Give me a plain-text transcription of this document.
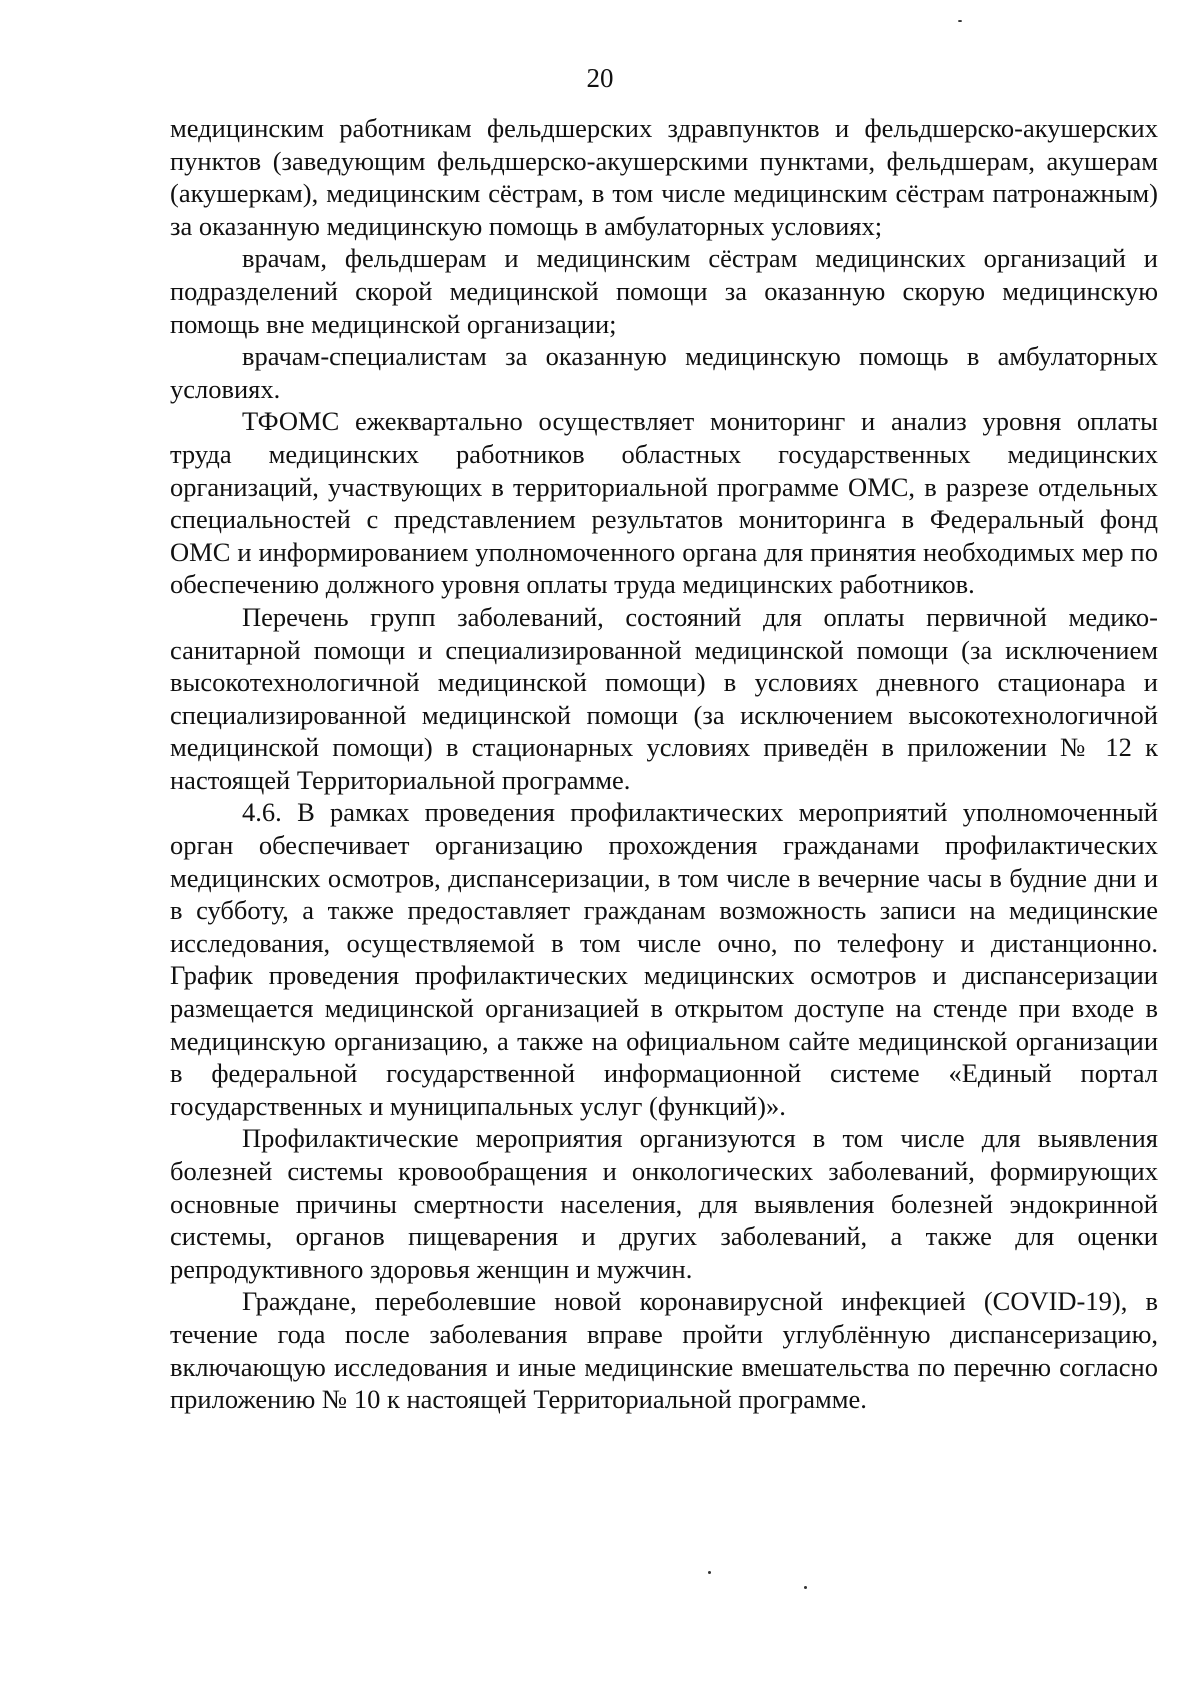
20

медицинским работникам фельдшерских здравпунктов и фельдшерско-акушерских пунктов (заведующим фельдшерско-акушерскими пунктами, фельдшерам, акушерам (акушеркам), медицинским сёстрам, в том числе медицинским сёстрам патронажным) за оказанную медицинскую помощь в амбулаторных условиях;

врачам, фельдшерам и медицинским сёстрам медицинских организаций и подразделений скорой медицинской помощи за оказанную скорую медицинскую помощь вне медицинской организации;

врачам-специалистам за оказанную медицинскую помощь в амбулаторных условиях.

ТФОМС ежеквартально осуществляет мониторинг и анализ уровня оплаты труда медицинских работников областных государственных медицинских организаций, участвующих в территориальной программе ОМС, в разрезе отдельных специальностей с представлением результатов мониторинга в Федеральный фонд ОМС и информированием уполномоченного органа для принятия необходимых мер по обеспечению должного уровня оплаты труда медицинских работников.

Перечень групп заболеваний, состояний для оплаты первичной медико-санитарной помощи и специализированной медицинской помощи (за исключением высокотехнологичной медицинской помощи) в условиях дневного стационара и специализированной медицинской помощи (за исключением высокотехнологичной медицинской помощи) в стационарных условиях приведён в приложении № 12 к настоящей Территориальной программе.

4.6. В рамках проведения профилактических мероприятий уполномоченный орган обеспечивает организацию прохождения гражданами профилактических медицинских осмотров, диспансеризации, в том числе в вечерние часы в будние дни и в субботу, а также предоставляет гражданам возможность записи на медицинские исследования, осуществляемой в том числе очно, по телефону и дистанционно. График проведения профилактических медицинских осмотров и диспансеризации размещается медицинской организацией в открытом доступе на стенде при входе в медицинскую организацию, а также на официальном сайте медицинской организации в федеральной государственной информационной системе «Единый портал государственных и муниципальных услуг (функций)».

Профилактические мероприятия организуются в том числе для выявления болезней системы кровообращения и онкологических заболеваний, формирующих основные причины смертности населения, для выявления болезней эндокринной системы, органов пищеварения и других заболеваний, а также для оценки репродуктивного здоровья женщин и мужчин.

Граждане, переболевшие новой коронавирусной инфекцией (COVID-19), в течение года после заболевания вправе пройти углублённую диспансеризацию, включающую исследования и иные медицинские вмешательства по перечню согласно приложению № 10 к настоящей Территориальной программе.
